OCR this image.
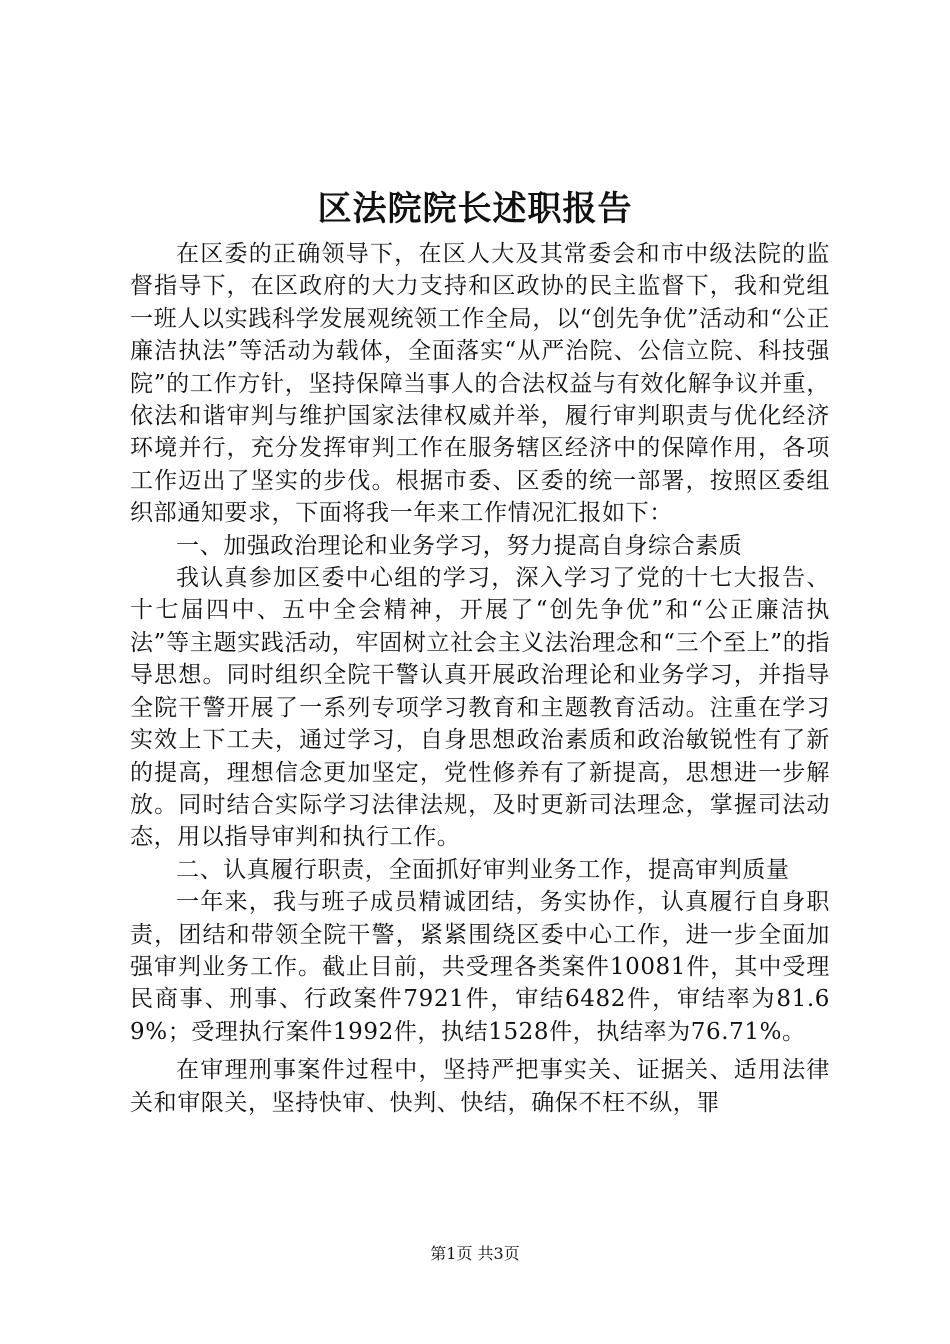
区法院院长述职报告

在区委的正确领导下，在区人大及其常委会和市中级法院的监督指导下，在区政府的大力支持和区政协的民主监督下，我和党组一班人以实践科学发展观统领工作全局，以“创先争优”活动和“公正廉洁执法”等活动为载体，全面落实“从严治院、公信立院、科技强院”的工作方针，坚持保障当事人的合法权益与有效化解争议并重，依法和谐审判与维护国家法律权威并举，履行审判职责与优化经济环境并行，充分发挥审判工作在服务辖区经济中的保障作用，各项工作迈出了坚实的步伐。根据市委、区委的统一部署，按照区委组织部通知要求，下面将我一年来工作情况汇报如下：

一、加强政治理论和业务学习，努力提高自身综合素质

我认真参加区委中心组的学习，深入学习了党的十七大报告、十七届四中、五中全会精神，开展了“创先争优”和“公正廉洁执法”等主题实践活动，牢固树立社会主义法治理念和“三个至上”的指导思想。同时组织全院干警认真开展政治理论和业务学习，并指导全院干警开展了一系列专项学习教育和主题教育活动。注重在学习实效上下工夫，通过学习，自身思想政治素质和政治敏锐性有了新的提高，理想信念更加坚定，党性修养有了新提高，思想进一步解放。同时结合实际学习法律法规，及时更新司法理念，掌握司法动态，用以指导审判和执行工作。

二、认真履行职责，全面抓好审判业务工作，提高审判质量

一年来，我与班子成员精诚团结，务实协作，认真履行自身职责，团结和带领全院干警，紧紧围绕区委中心工作，进一步全面加强审判业务工作。截止目前，共受理各类案件10081件，其中受理民商事、刑事、行政案件7921件，审结6482件，审结率为81.69%；受理执行案件1992件，执结1528件，执结率为76.71%。

在审理刑事案件过程中，坚持严把事实关、证据关、适用法律关和审限关，坚持快审、快判、快结，确保不枉不纵，罪

第1页 共3页
